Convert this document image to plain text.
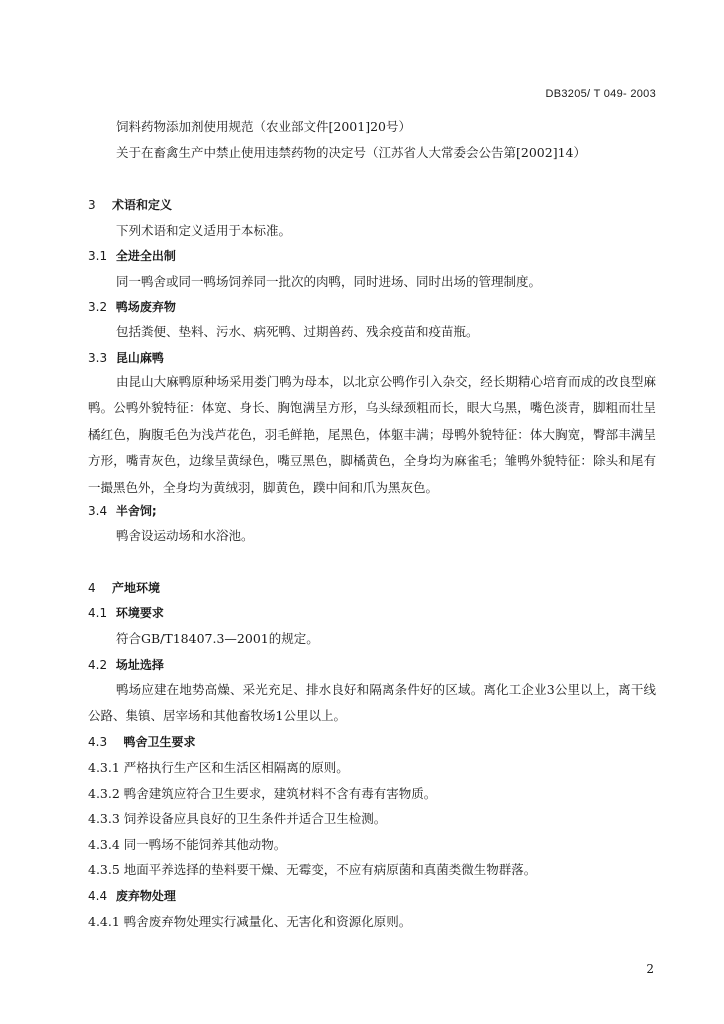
DB3205/ T 049- 2003
饲料药物添加剂使用规范（农业部文件[2001]20号）
关于在畜禽生产中禁止使用违禁药物的决定号（江苏省人大常委会公告第[2002]14）
3 术语和定义
下列术语和定义适用于本标准。
3.1 全进全出制
同一鸭舍或同一鸭场饲养同一批次的肉鸭，同时进场、同时出场的管理制度。
3.2 鸭场废弃物
包括粪便、垫料、污水、病死鸭、过期兽药、残余疫苗和疫苗瓶。
3.3 昆山麻鸭
由昆山大麻鸭原种场采用娄门鸭为母本，以北京公鸭作引入杂交，经长期精心培育而成的改良型麻鸭。公鸭外貌特征：体宽、身长、胸饱满呈方形，乌头绿颈粗而长，眼大乌黑，嘴色淡青，脚粗而壮呈橘红色，胸腹毛色为浅芦花色，羽毛鲜艳，尾黑色，体躯丰满；母鸭外貌特征：体大胸宽，臀部丰满呈方形，嘴青灰色，边缘呈黄绿色，嘴豆黑色，脚橘黄色，全身均为麻雀毛；雏鸭外貌特征：除头和尾有一撮黑色外，全身均为黄绒羽，脚黄色，蹼中间和爪为黑灰色。
3.4 半舍饲;
鸭舍设运动场和水浴池。
4 产地环境
4.1 环境要求
符合GB/T18407.3—2001的规定。
4.2 场址选择
鸭场应建在地势高燥、采光充足、排水良好和隔离条件好的区域。离化工企业3公里以上，离干线公路、集镇、居宰场和其他畜牧场1公里以上。
4.3 鸭舍卫生要求
4.3.1 严格执行生产区和生活区相隔离的原则。
4.3.2 鸭舍建筑应符合卫生要求，建筑材料不含有毒有害物质。
4.3.3 饲养设备应具良好的卫生条件并适合卫生检测。
4.3.4 同一鸭场不能饲养其他动物。
4.3.5 地面平养选择的垫料要干燥、无霉变，不应有病原菌和真菌类微生物群落。
4.4 废弃物处理
4.4.1 鸭舍废弃物处理实行减量化、无害化和资源化原则。
2
